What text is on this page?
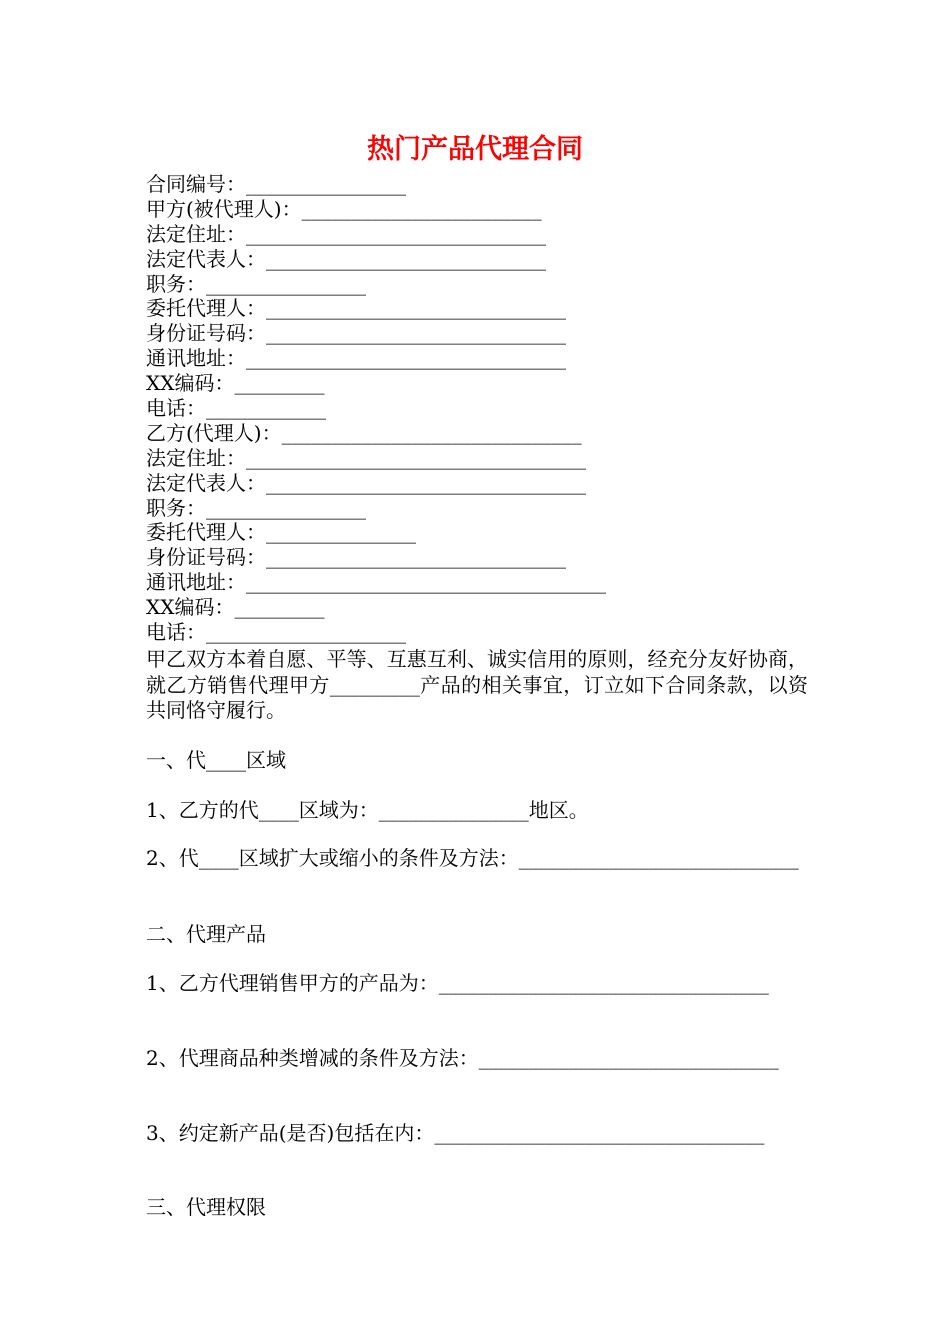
热门产品代理合同
合同编号：________________
甲方(被代理人)：________________________
法定住址：______________________________
法定代表人：____________________________
职务：________________
委托代理人：______________________________
身份证号码：______________________________
通讯地址：________________________________
XX编码：_________
电话：____________
乙方(代理人)：______________________________
法定住址：__________________________________
法定代表人：________________________________
职务：________________
委托代理人：_______________
身份证号码：______________________________
通讯地址：____________________________________
XX编码：_________
电话：____________________

甲乙双方本着自愿、平等、互惠互利、诚实信用的原则，经充分友好协商，就乙方销售代理甲方_________产品的相关事宜，订立如下合同条款，以资共同恪守履行。

一、代____区域

1、乙方的代____区域为：_______________地区。

2、代____区域扩大或缩小的条件及方法：____________________________

二、代理产品

1、乙方代理销售甲方的产品为：_________________________________

2、代理商品种类增减的条件及方法：______________________________

3、约定新产品(是否)包括在内：_________________________________

三、代理权限
